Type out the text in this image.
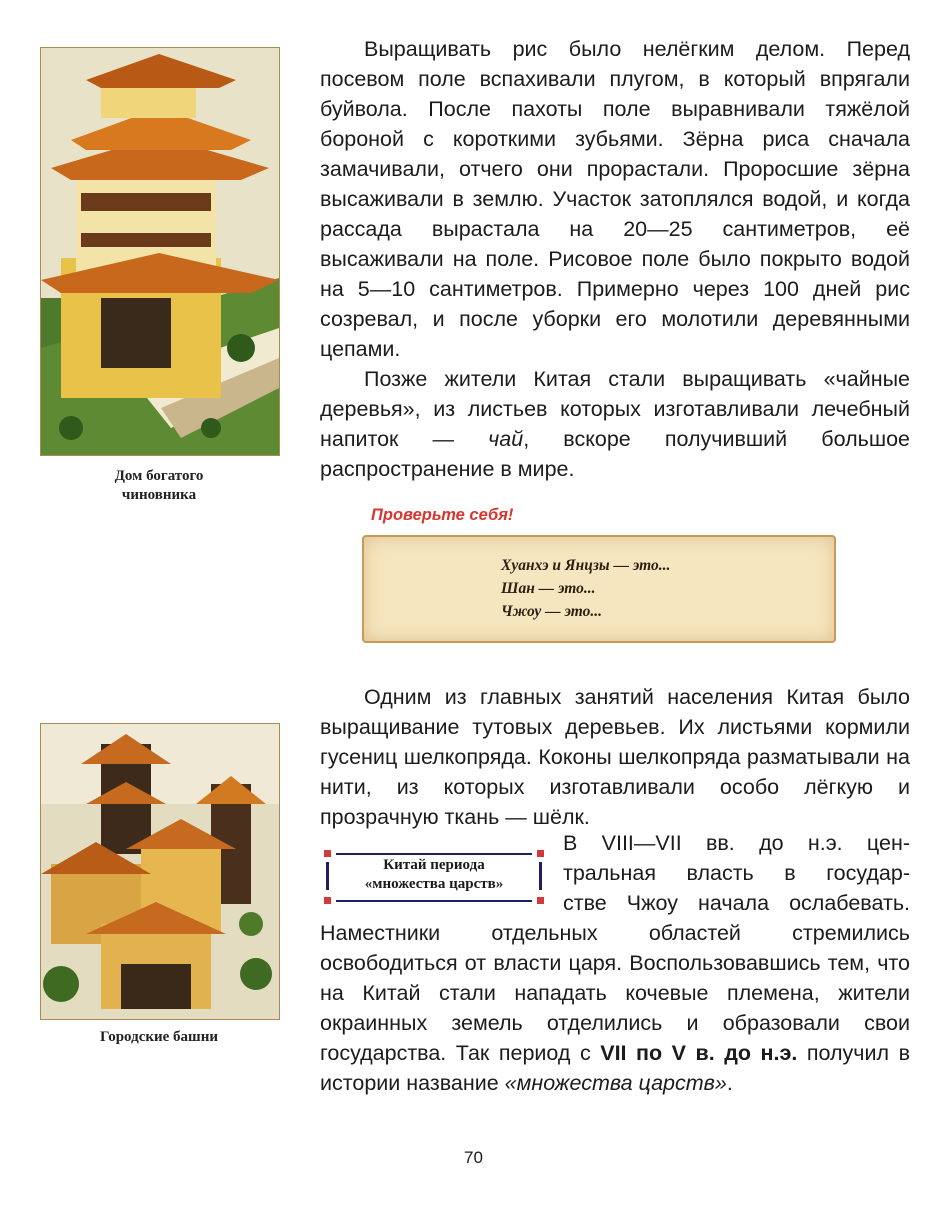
Дом богатого
чиновника

Выращивать рис было нелёгким делом. Перед посевом поле вспахивали плугом, в который впрягали буйвола. После пахоты поле выравнивали тяжёлой бороной с короткими зубьями. Зёрна риса сначала замачивали, отчего они прорастали. Проросшие зёрна высаживали в землю. Участок затоплялся водой, и когда рассада вырастала на 20—25 сантиметров, её высаживали на поле. Рисовое поле было покрыто водой на 5—10 сантиметров. Примерно через 100 дней рис созревал, и после уборки его молотили деревянными цепами.

Позже жители Китая стали выращивать «чайные деревья», из листьев которых изготавливали лечебный напиток — чай, вскоре получивший большое распространение в мире.

Проверьте себя!
Хуанхэ и Янцзы — это...
Шан — это...
Чжоу — это...
Городские башни

Одним из главных занятий населения Китая было выращивание тутовых деревьев. Их листьями кормили гусениц шелкопряда. Коконы шелкопряда разматывали на нити, из которых изготавливали особо лёгкую и прозрачную ткань — шёлк.

Китай периода
«множества царств»
В VIII—VII вв. до н.э. цен-
тральная власть в государ-
стве Чжоу начала ослабевать.
Наместники отдельных областей стремились освободиться от власти царя. Воспользовавшись тем, что на Китай стали нападать кочевые племена, жители окраинных земель отделились и образовали свои государства. Так период с VII по V в. до н.э. получил в истории название «множества царств».
70
